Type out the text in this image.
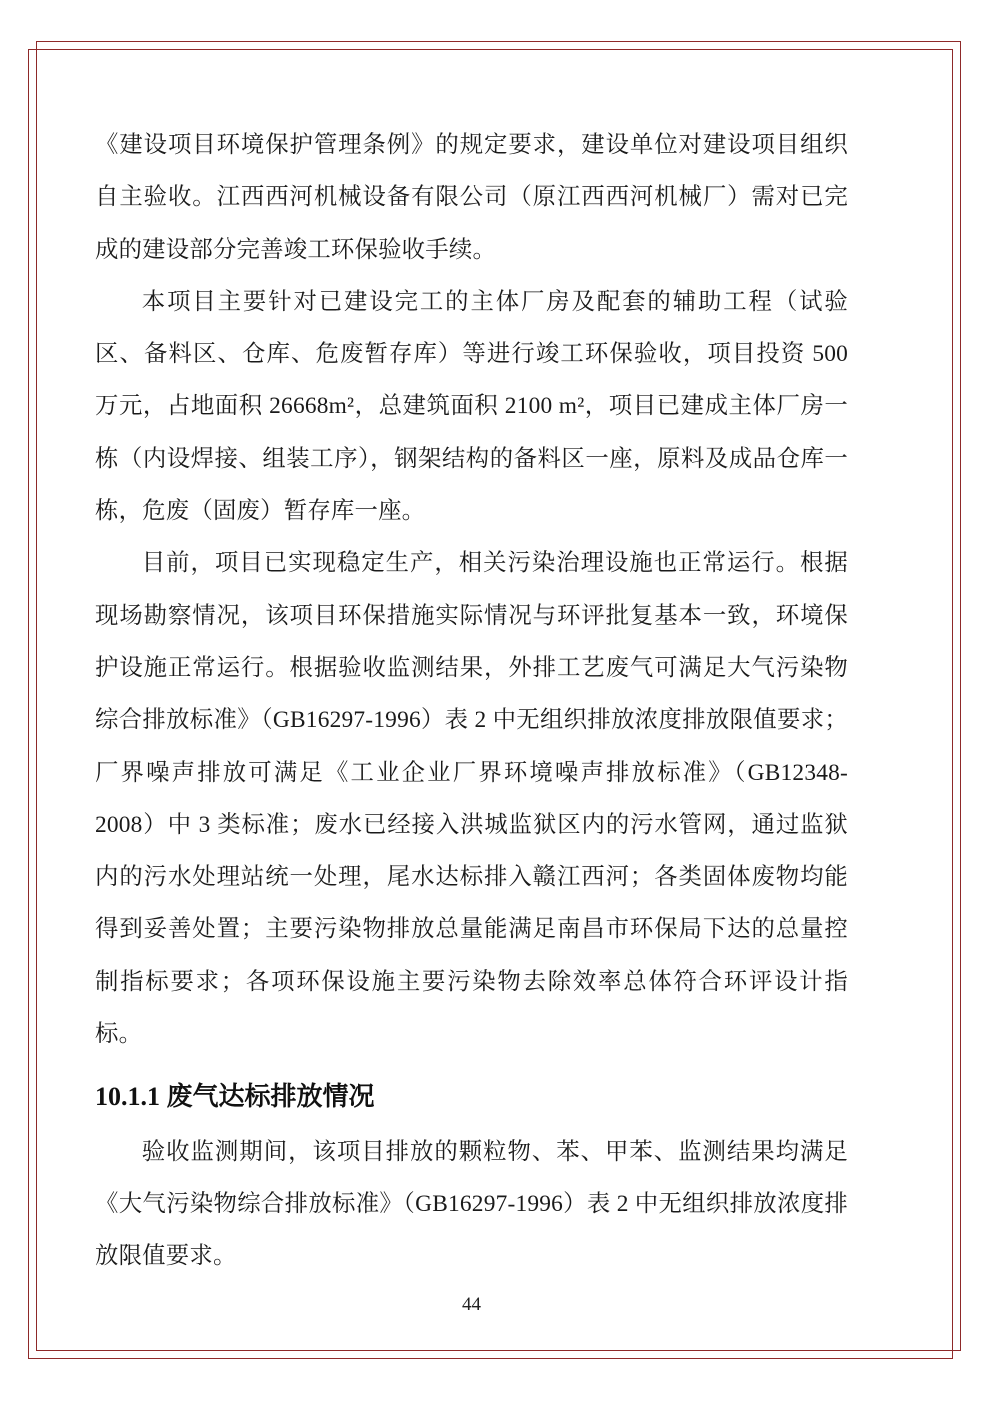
《建设项目环境保护管理条例》的规定要求，建设单位对建设项目组织自主验收。江西西河机械设备有限公司（原江西西河机械厂）需对已完成的建设部分完善竣工环保验收手续。

本项目主要针对已建设完工的主体厂房及配套的辅助工程（试验区、备料区、仓库、危废暂存库）等进行竣工环保验收，项目投资 500 万元，占地面积 26668m²，总建筑面积 2100 m²，项目已建成主体厂房一栋（内设焊接、组装工序），钢架结构的备料区一座，原料及成品仓库一栋，危废（固废）暂存库一座。

目前，项目已实现稳定生产，相关污染治理设施也正常运行。根据现场勘察情况，该项目环保措施实际情况与环评批复基本一致，环境保护设施正常运行。根据验收监测结果，外排工艺废气可满足大气污染物综合排放标准》（GB16297-1996）表 2 中无组织排放浓度排放限值要求；厂界噪声排放可满足《工业企业厂界环境噪声排放标准》（GB12348-2008）中 3 类标准；废水已经接入洪城监狱区内的污水管网，通过监狱内的污水处理站统一处理，尾水达标排入赣江西河；各类固体废物均能得到妥善处置；主要污染物排放总量能满足南昌市环保局下达的总量控制指标要求；各项环保设施主要污染物去除效率总体符合环评设计指标。

10.1.1 废气达标排放情况

验收监测期间，该项目排放的颗粒物、苯、甲苯、监测结果均满足《大气污染物综合排放标准》（GB16297-1996）表 2 中无组织排放浓度排放限值要求。

44
